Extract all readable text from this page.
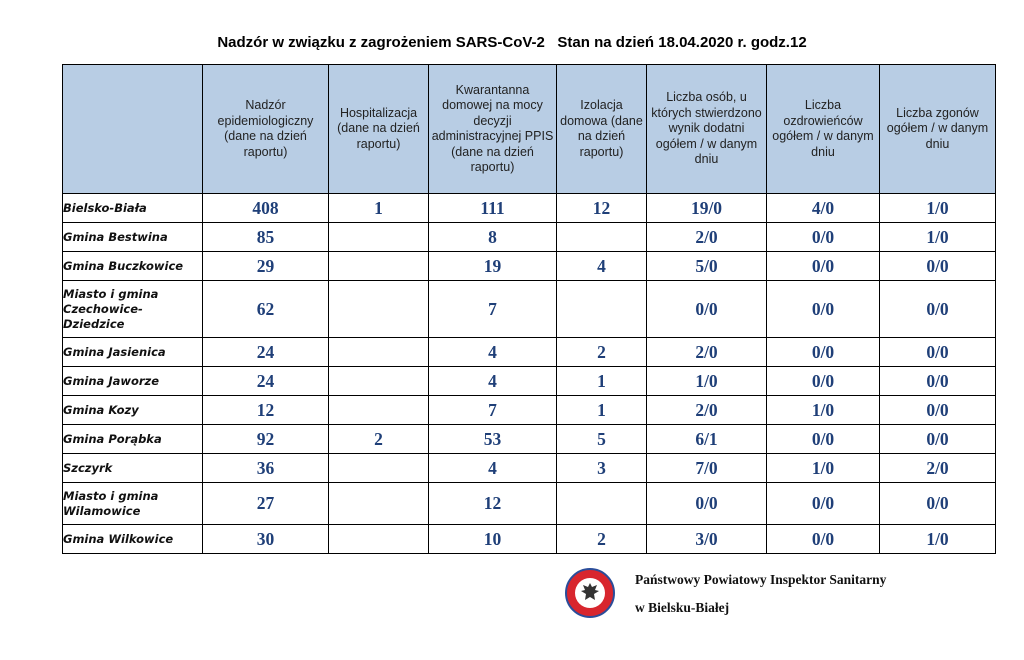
Nadzór w związku z zagrożeniem SARS-CoV-2   Stan na dzień 18.04.2020 r. godz.12
	Nadzór epidemiologiczny (dane na dzień raportu)	Hospitalizacja (dane na dzień raportu)	Kwarantanna domowej na mocy decyzji administracyjnej PPIS (dane na dzień raportu)	Izolacja domowa (dane na dzień raportu)	Liczba osób, u których stwierdzono wynik dodatni ogółem / w danym dniu	Liczba ozdrowieńców ogółem / w danym dniu	Liczba zgonów ogółem / w danym dniu
Bielsko-Biała	408	1	111	12	19/0	4/0	1/0
Gmina Bestwina	85		8		2/0	0/0	1/0
Gmina Buczkowice	29		19	4	5/0	0/0	0/0
Miasto i gmina Czechowice-Dziedzice	62		7		0/0	0/0	0/0
Gmina Jasienica	24		4	2	2/0	0/0	0/0
Gmina Jaworze	24		4	1	1/0	0/0	0/0
Gmina Kozy	12		7	1	2/0	1/0	0/0
Gmina Porąbka	92	2	53	5	6/1	0/0	0/0
Szczyrk	36		4	3	7/0	1/0	2/0
Miasto i gmina Wilamowice	27		12		0/0	0/0	0/0
Gmina Wilkowice	30		10	2	3/0	0/0	1/0
Państwowy Powiatowy Inspektor Sanitarny
w Bielsku-Białej
